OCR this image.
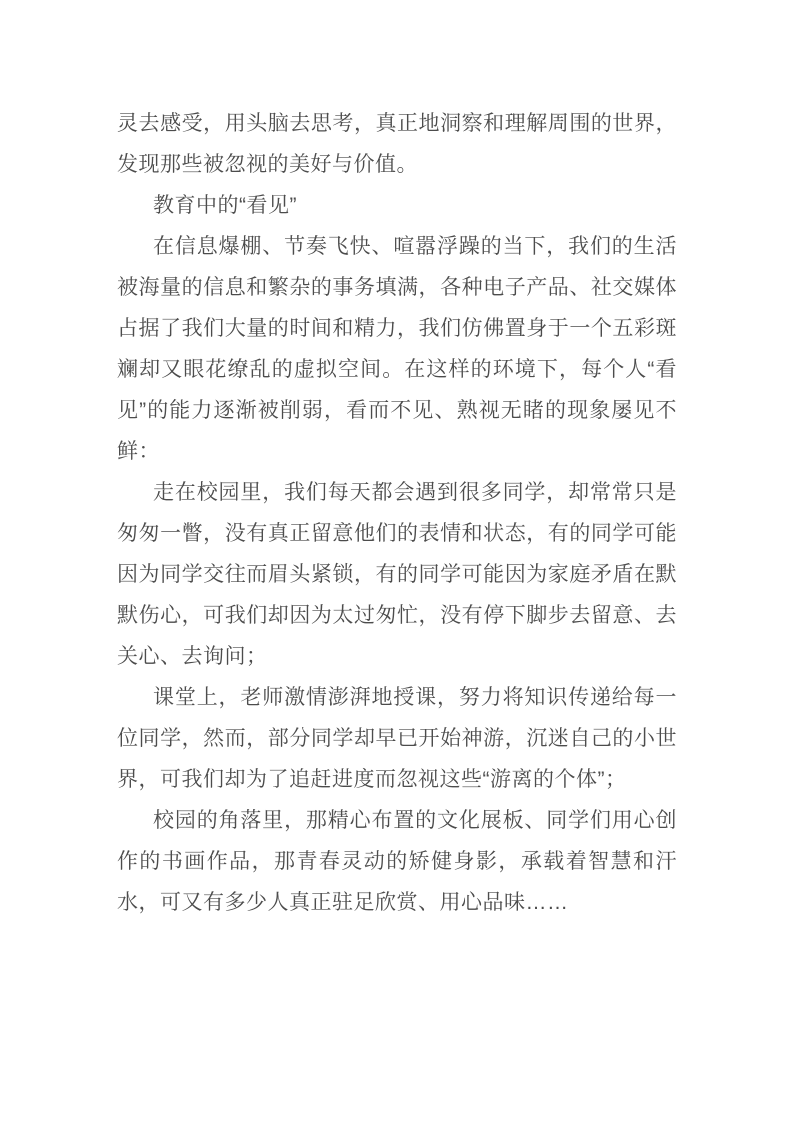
灵去感受，用头脑去思考，真正地洞察和理解周围的世界，发现那些被忽视的美好与价值。

教育中的“看见”

在信息爆棚、节奏飞快、喧嚣浮躁的当下，我们的生活被海量的信息和繁杂的事务填满，各种电子产品、社交媒体占据了我们大量的时间和精力，我们仿佛置身于一个五彩斑斓却又眼花缭乱的虚拟空间。在这样的环境下，每个人“看见”的能力逐渐被削弱，看而不见、熟视无睹的现象屡见不鲜：

走在校园里，我们每天都会遇到很多同学，却常常只是匆匆一瞥，没有真正留意他们的表情和状态，有的同学可能因为同学交往而眉头紧锁，有的同学可能因为家庭矛盾在默默伤心，可我们却因为太过匆忙，没有停下脚步去留意、去关心、去询问；

课堂上，老师激情澎湃地授课，努力将知识传递给每一位同学，然而，部分同学却早已开始神游，沉迷自己的小世界，可我们却为了追赶进度而忽视这些“游离的个体”；

校园的角落里，那精心布置的文化展板、同学们用心创作的书画作品，那青春灵动的矫健身影，承载着智慧和汗水，可又有多少人真正驻足欣赏、用心品味……
